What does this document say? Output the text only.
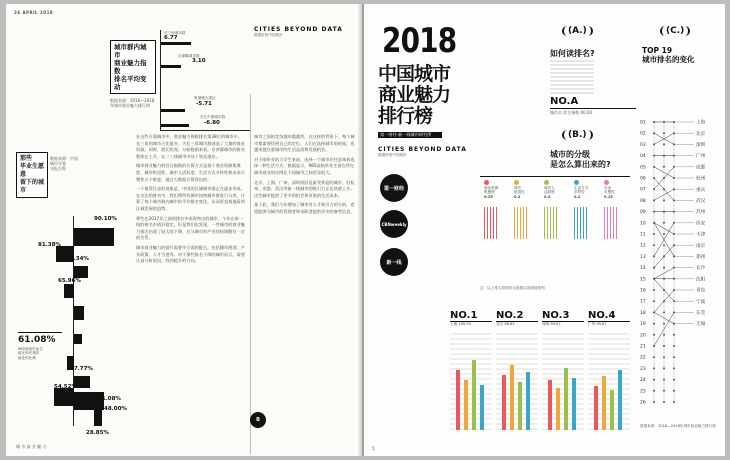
26 APRIL 2018
城市群内城市
商业魅力指数
排名平均变动
长三角城市群
6.77
京津冀城市群
3.10
粤港澳大湾区
-5.71
长江中游城市群
-6.80
数据来源：2016—2018年城市商业魅力排行榜
那些
毕业生愿意
留下的城市
数据来源：中国城市年鉴
年报名称
90.10%
81.38%
74.34%
65.96%
57.77%
54.52%
51.08%
48.00%
28.85%
61.08%
985高校毕业生
留在所在城市
就业的比例
城 市 商 业 魅 力

在这些百强城市中，商业魅力指数排名第38位的城市中，长三角的城市占比最多，为长三角城市群创造了大量的商业资源。同时，我们发现，分析数据来看，京津冀城市的排名整体在上升，在二三线城市中处于领先地位。

城市商业魅力的综合指数的计算方式是基于商业资源集聚度、城市枢纽性、城市人活跃度、生活方式多样性和未来可塑性五个维度，通过大数据计算得出的。

一个值得注意的现象是，中国的区域城市群正在逐步形成。在这次的排名中，我们将所有城市按照城市群进行分类，计算了每个城市群内城市的平均排名变化，从而更直观地看到区域发展的趋势。

那些在2017年之前的排名中表现突出的城市，今年在新一线的排名中依旧稳定。但是我们也发现，一些城市的商业魅力排名出现了较大的下降，这与城市的产业结构调整有一定的关系。

城市商业魅力的提升需要多方面的配合，包括城市规划、产业政策、人才引进等。对于那些排名下降的城市而言，需要认真分析原因，找到提升的方向。

CITIES BEYOND DATA
数据里的中国城市

城市之间的竞争越来越激烈，在这样的背景下，每个城市都需要找到自己的定位。人们在选择城市的时候，也越来越注重城市的生活品质和发展机会。

对于刚毕业的大学生来说，选择一个城市往往意味着选择一种生活方式。数据显示，985高校毕业生留在所在城市就业的比例在不同城市之间差异很大。

北京、上海、广州、深圳依旧是最受欢迎的城市，但杭州、成都、武汉等新一线城市的吸引力正在快速上升。这些城市提供了更多的机会和更低的生活成本。

基于此，我们今年增加了城市对人才吸引力的分析，希望能够为城市的管理者和求职者提供更多的参考信息。

B
2018
中国城市
商业魅力
排行榜
第一财经·新一线城市研究所
CITIES BEYOND DATA
数据里的中国城市
第一财经
CBNweekly
新一线
(A.)
如何读排名?
NO.A
城市名 综合指数 00.00
(B.)
城市的分级
是怎么算出来的?
商业资源
集聚度
0.25
城市
枢纽性
0.2
城市人
活跃度
0.2
生活方式
多样性
0.2
未来
可塑性
0.15
注：以上排名均按综合指数由高到低排列
NO.1
上海 100.55
NO.2
北京 98.62
NO.3
深圳 99.97
NO.4
广州 99.67
(C.)
TOP 19
城市排名的变化
01
02
03
04
05
06
07
08
09
10
11
12
13
14
15
16
17
18
19
20
21
22
23
24
25
26
上海
北京
深圳
广州
成都
杭州
重庆
武汉
苏州
西安
天津
南京
郑州
长沙
沈阳
青岛
宁波
东莞
无锡
数据来源：2016—2018年城市商业魅力排行榜
5
